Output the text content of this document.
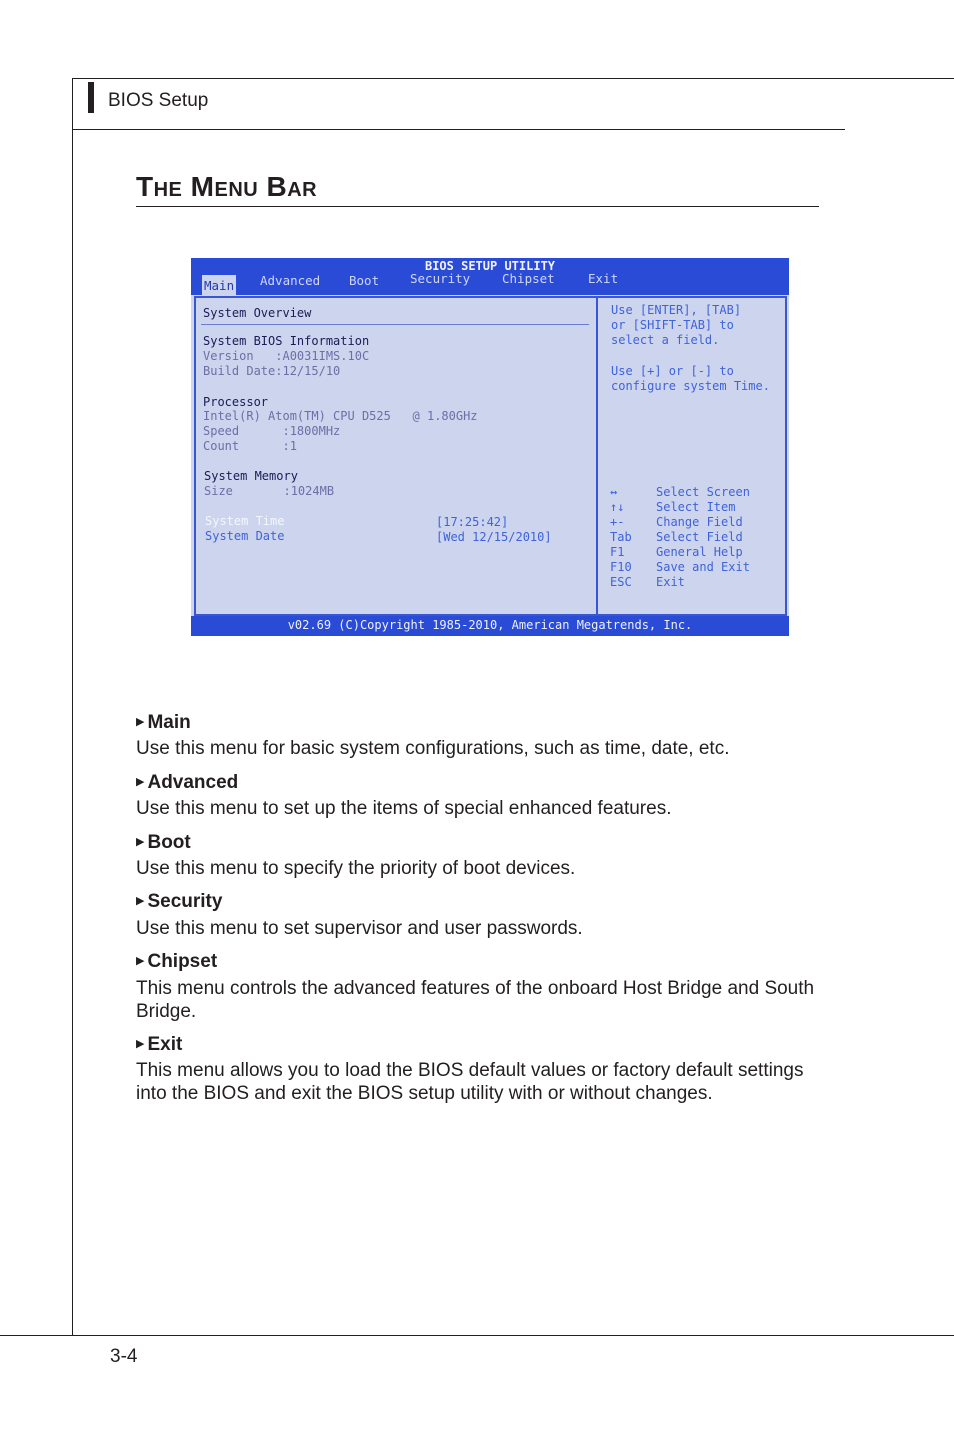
BIOS Setup
The Menu Bar
BIOS SETUP UTILITY
Main Advanced Boot Security	Chipset	Exit
System Overview
System BIOS Information
Version   :A0031IMS.10C
Build Date:12/15/10
Processor
Intel(R) Atom(TM) CPU D525   @ 1.80GHz
Speed      :1800MHz
Count      :1
System Memory
Size       :1024MB
System Time	[17:25:42]
System Date	[Wed 12/15/2010]
Use [ENTER], [TAB]
or [SHIFT-TAB] to
select a field.
Use [+] or [-] to
configure system Time.
↔	Select Screen
↑↓	Select Item
+-	Change Field
Tab Select Field
F1	General Help
F10 Save and Exit
ESC Exit
v02.69 (C)Copyright 1985-2010, American Megatrends, Inc.
▶ Main
Use this menu for basic system configurations, such as time, date, etc.
▶ Advanced
Use this menu to set up the items of special enhanced features.
▶ Boot
Use this menu to specify the priority of boot devices.
▶ Security
Use this menu to set supervisor and user passwords.
▶ Chipset
This menu controls the advanced features of the onboard Host Bridge and South Bridge.
▶ Exit
This menu allows you to load the BIOS default values or factory default settings into the BIOS and exit the BIOS setup utility with or without changes.
3-4
